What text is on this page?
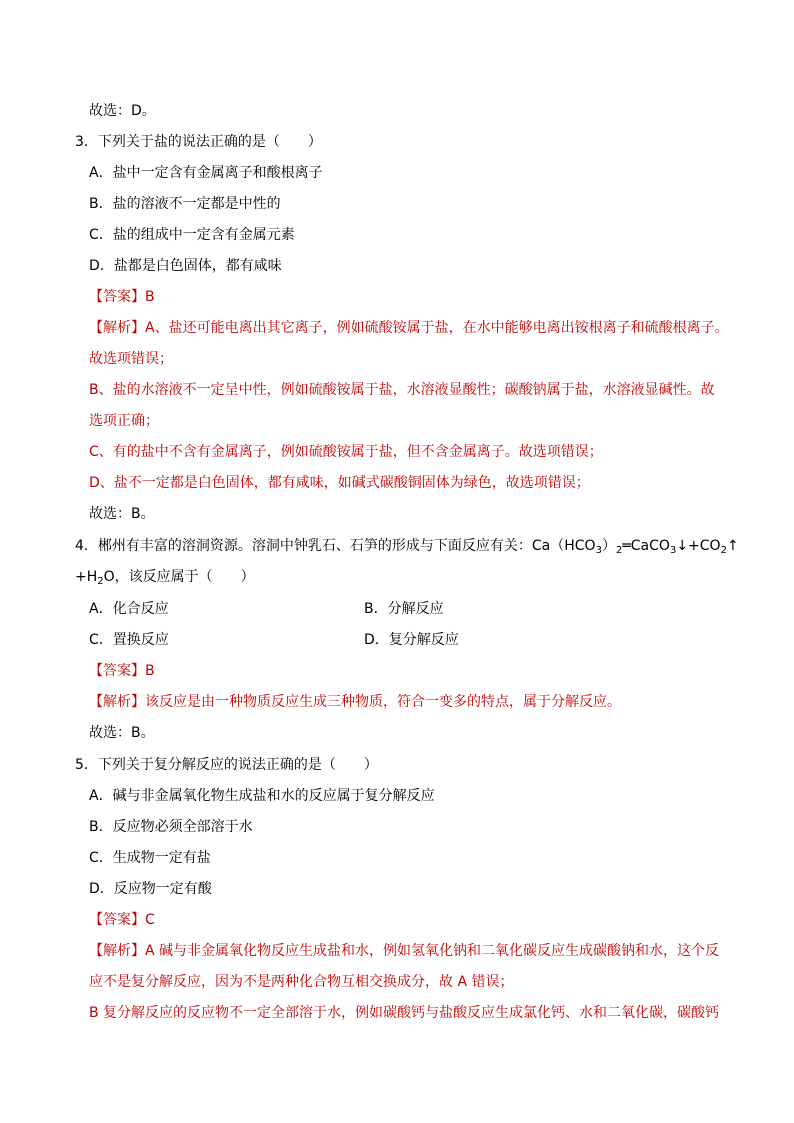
故选：D。
3．下列关于盐的说法正确的是（　　）
A．盐中一定含有金属离子和酸根离子
B．盐的溶液不一定都是中性的
C．盐的组成中一定含有金属元素
D．盐都是白色固体，都有咸味
【答案】B
【解析】A、盐还可能电离出其它离子，例如硫酸铵属于盐，在水中能够电离出铵根离子和硫酸根离子。
故选项错误；
B、盐的水溶液不一定呈中性，例如硫酸铵属于盐，水溶液显酸性；碳酸钠属于盐，水溶液显碱性。故
选项正确；
C、有的盐中不含有金属离子，例如硫酸铵属于盐，但不含金属离子。故选项错误；
D、盐不一定都是白色固体，都有咸味，如碱式碳酸铜固体为绿色，故选项错误；
故选：B。
4．郴州有丰富的溶洞资源。溶洞中钟乳石、石笋的形成与下面反应有关：$Ca(HCO_3)_2═CaCO_3↓+CO_2↑$
$+H_2O$，该反应属于（　　）
A．化合反应	B．分解反应
C．置换反应	D．复分解反应
【答案】B
【解析】该反应是由一种物质反应生成三种物质，符合一变多的特点，属于分解反应。
故选：B。
5．下列关于复分解反应的说法正确的是（　　）
A．碱与非金属氧化物生成盐和水的反应属于复分解反应
B．反应物必须全部溶于水
C．生成物一定有盐
D．反应物一定有酸
【答案】C
【解析】A 碱与非金属氧化物反应生成盐和水，例如氢氧化钠和二氧化碳反应生成碳酸钠和水，这个反
应不是复分解反应，因为不是两种化合物互相交换成分，故 A 错误；
B 复分解反应的反应物不一定全部溶于水，例如碳酸钙与盐酸反应生成氯化钙、水和二氧化碳，碳酸钙
